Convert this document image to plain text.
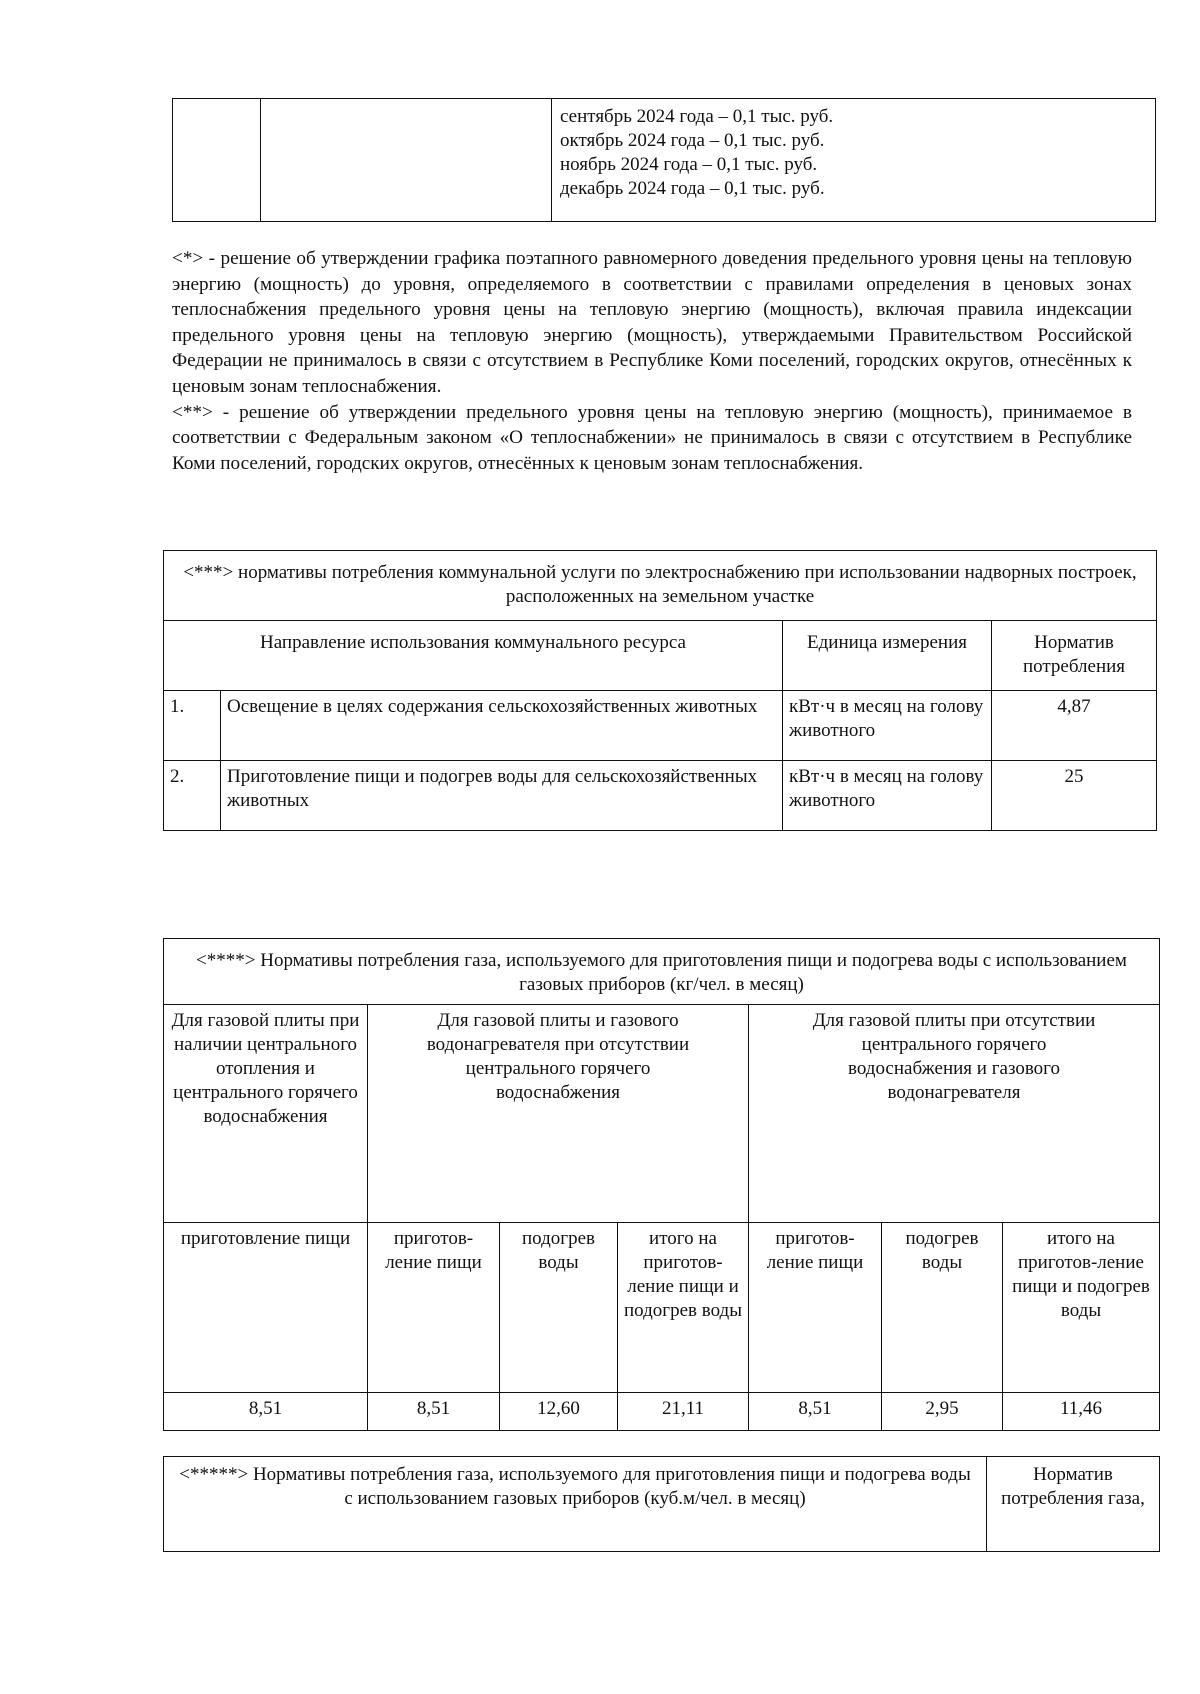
сентябрь 2024 года – 0,1 тыс. руб.
октябрь 2024 года – 0,1 тыс. руб.
ноябрь 2024 года – 0,1 тыс. руб.
декабрь 2024 года – 0,1 тыс. руб.

<*> - решение об утверждении графика поэтапного равномерного доведения предельного уровня цены на тепловую энергию (мощность) до уровня, определяемого в соответствии с правилами определения в ценовых зонах теплоснабжения предельного уровня цены на тепловую энергию (мощность), включая правила индексации предельного уровня цены на тепловую энергию (мощность), утверждаемыми Правительством Российской Федерации не принималось в связи с отсутствием в Республике Коми поселений, городских округов, отнесённых к ценовым зонам теплоснабжения.

<**> - решение об утверждении предельного уровня цены на тепловую энергию (мощность), принимаемое в соответствии с Федеральным законом «О теплоснабжении» не принималось в связи с отсутствием в Республике Коми поселений, городских округов, отнесённых к ценовым зонам теплоснабжения.

<***> нормативы потребления коммунальной услуги по электроснабжению при использовании надворных построек, расположенных на земельном участке			
Направление использования коммунального ресурса		Единица измерения	Норматив потребления
1.	Освещение в целях содержания сельскохозяйственных животных	кВт·ч в месяц на голову животного	4,87
2.	Приготовление пищи и подогрев воды для сельскохозяйственных животных	кВт·ч в месяц на голову животного	25
<****> Нормативы потребления газа, используемого для приготовления пищи и подогрева воды с использованием газовых приборов (кг/чел. в месяц)						
Для газовой плиты при наличии центрального отопления и центрального горячего водоснабжения	Для газовой плиты и газового водонагревателя при отсутствии центрального горячего водоснабжения			Для газовой плиты при отсутствии центрального горячего водоснабжения и газового водонагревателя		
приготовление пищи	приготов-ление пищи	подогрев воды	итого на приготов-ление пищи и подогрев воды	приготов-ление пищи	подогрев воды	итого на приготов-ление пищи и подогрев воды
8,51	8,51	12,60	21,11	8,51	2,95	11,46
<*****> Нормативы потребления газа, используемого для приготовления пищи и подогрева воды с использованием газовых приборов (куб.м/чел. в месяц)	Норматив потребления газа,
